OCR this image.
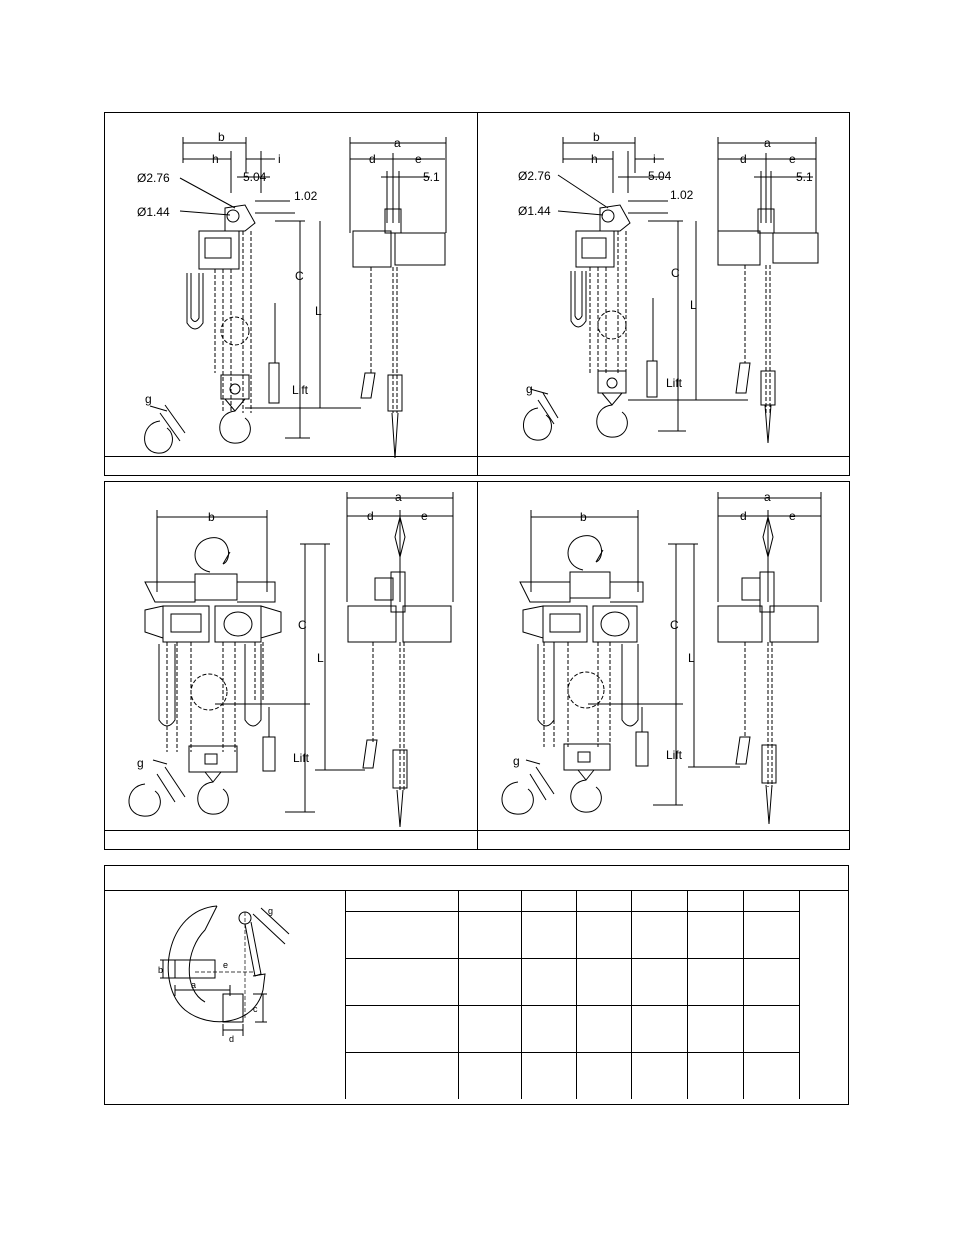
b
h	i
Ø2.76	5.04
1.02
Ø1.44
C
L
Lift
g
a
d	e
5.1
b
h	i
Ø2.76	5.04
1.02
Ø1.44
C
L
Lift
g
a
d	e
5.1
b
C
L
Lift
g
a
d	e	b
C
L
Lift
g
a
d	e
g
e
b
a
c
d
